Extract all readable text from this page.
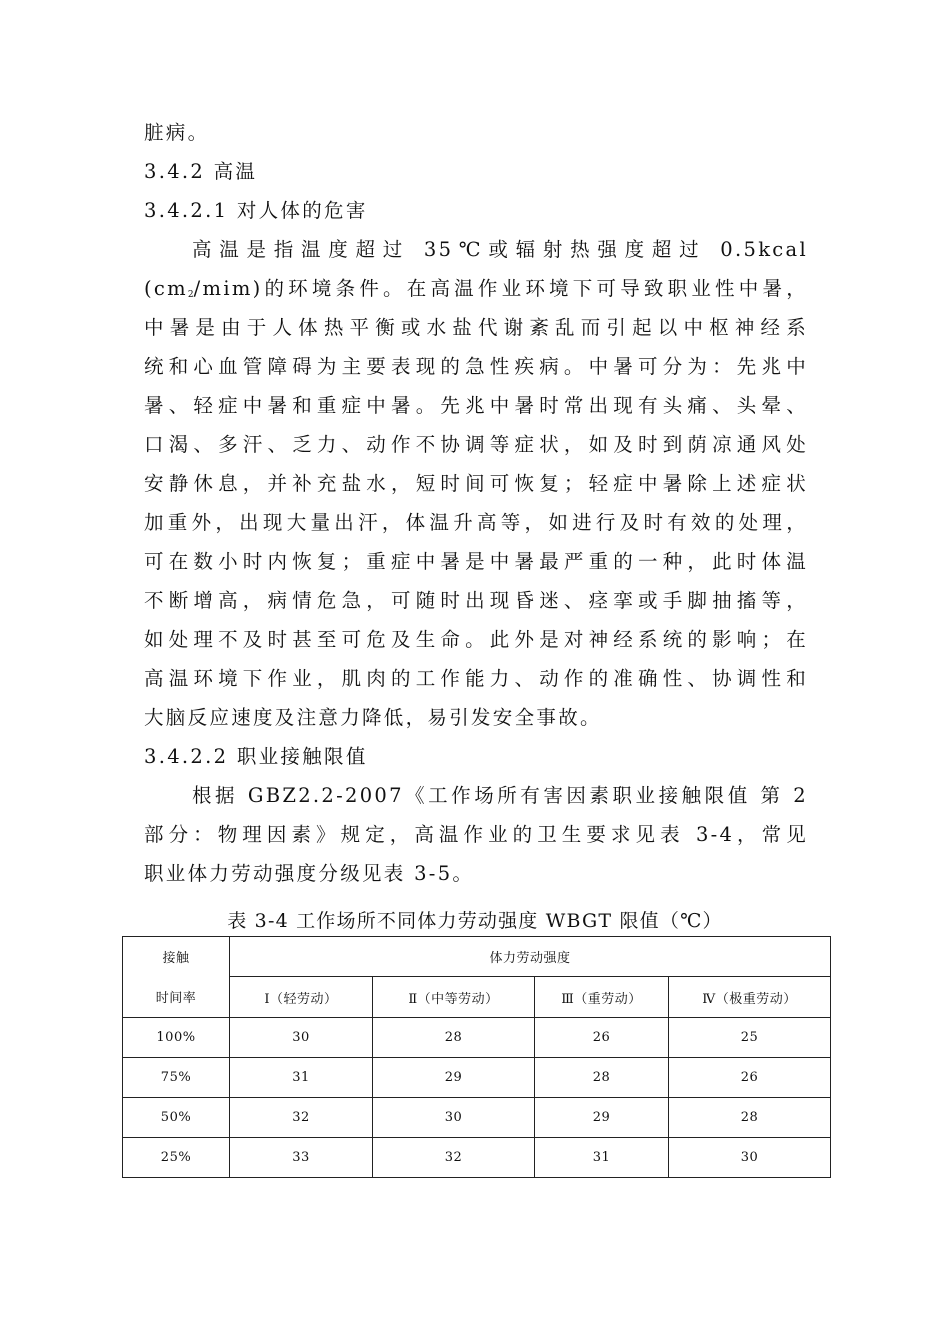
脏病。
3.4.2 高温
3.4.2.1 对人体的危害
高温是指温度超过 35℃或辐射热强度超过 0.5kcal
$(cm_2/mim)$的环境条件。在高温作业环境下可导致职业性中暑，
中暑是由于人体热平衡或水盐代谢紊乱而引起以中枢神经系
统和心血管障碍为主要表现的急性疾病。中暑可分为：先兆中
暑、轻症中暑和重症中暑。先兆中暑时常出现有头痛、头晕、
口渴、多汗、乏力、动作不协调等症状，如及时到荫凉通风处
安静休息，并补充盐水，短时间可恢复；轻症中暑除上述症状
加重外，出现大量出汗，体温升高等，如进行及时有效的处理，
可在数小时内恢复；重症中暑是中暑最严重的一种，此时体温
不断增高，病情危急，可随时出现昏迷、痉挛或手脚抽搐等，
如处理不及时甚至可危及生命。此外是对神经系统的影响；在
高温环境下作业，肌肉的工作能力、动作的准确性、协调性和
大脑反应速度及注意力降低，易引发安全事故。
3.4.2.2 职业接触限值
根据 GBZ2.2-2007《工作场所有害因素职业接触限值 第 2
部分：物理因素》规定，高温作业的卫生要求见表 3-4，常见
职业体力劳动强度分级见表 3-5。
表 3-4 工作场所不同体力劳动强度 WBGT 限值（℃）
接触	体力劳动强度			
时间率	Ⅰ（轻劳动）	Ⅱ（中等劳动）	Ⅲ（重劳动）	Ⅳ（极重劳动）
100%	30	28	26	25
75%	31	29	28	26
50%	32	30	29	28
25%	33	32	31	30
